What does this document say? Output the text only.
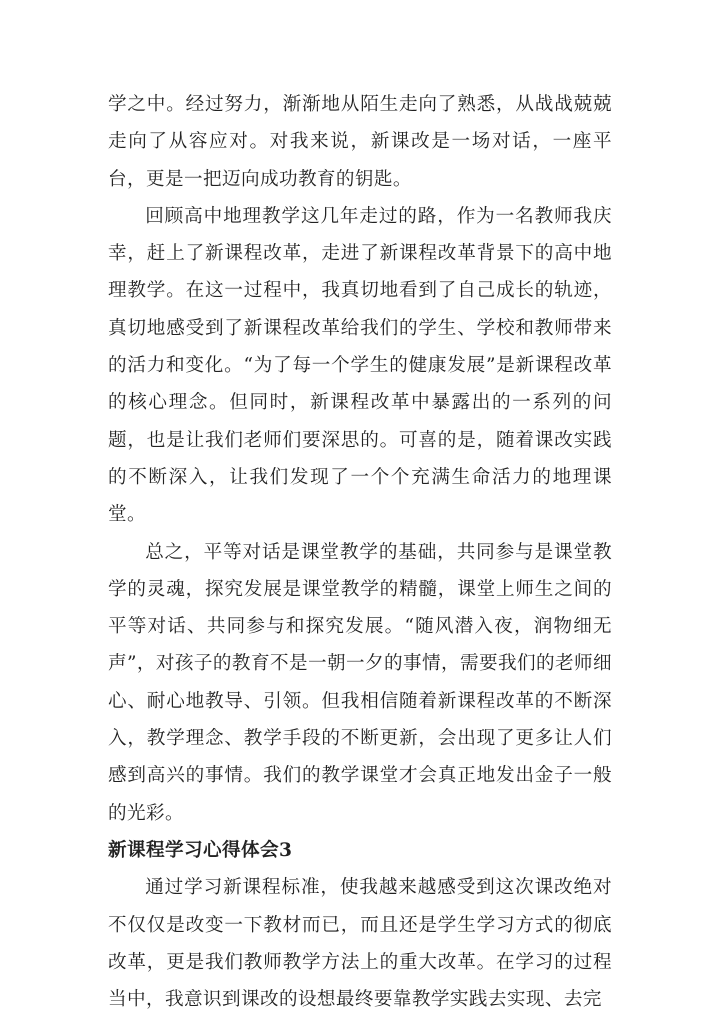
学之中。经过努力，渐渐地从陌生走向了熟悉，从战战兢兢走向了从容应对。对我来说，新课改是一场对话，一座平台，更是一把迈向成功教育的钥匙。

回顾高中地理教学这几年走过的路，作为一名教师我庆幸，赶上了新课程改革，走进了新课程改革背景下的高中地理教学。在这一过程中，我真切地看到了自己成长的轨迹，真切地感受到了新课程改革给我们的学生、学校和教师带来的活力和变化。“为了每一个学生的健康发展”是新课程改革的核心理念。但同时，新课程改革中暴露出的一系列的问题，也是让我们老师们要深思的。可喜的是，随着课改实践的不断深入，让我们发现了一个个充满生命活力的地理课堂。

总之，平等对话是课堂教学的基础，共同参与是课堂教学的灵魂，探究发展是课堂教学的精髓，课堂上师生之间的平等对话、共同参与和探究发展。“随风潜入夜，润物细无声”，对孩子的教育不是一朝一夕的事情，需要我们的老师细心、耐心地教导、引领。但我相信随着新课程改革的不断深入，教学理念、教学手段的不断更新，会出现了更多让人们感到高兴的事情。我们的教学课堂才会真正地发出金子一般的光彩。

新课程学习心得体会3

通过学习新课程标准，使我越来越感受到这次课改绝对不仅仅是改变一下教材而已，而且还是学生学习方式的彻底改革，更是我们教师教学方法上的重大改革。在学习的过程当中，我意识到课改的设想最终要靠教学实践去实现、去完
